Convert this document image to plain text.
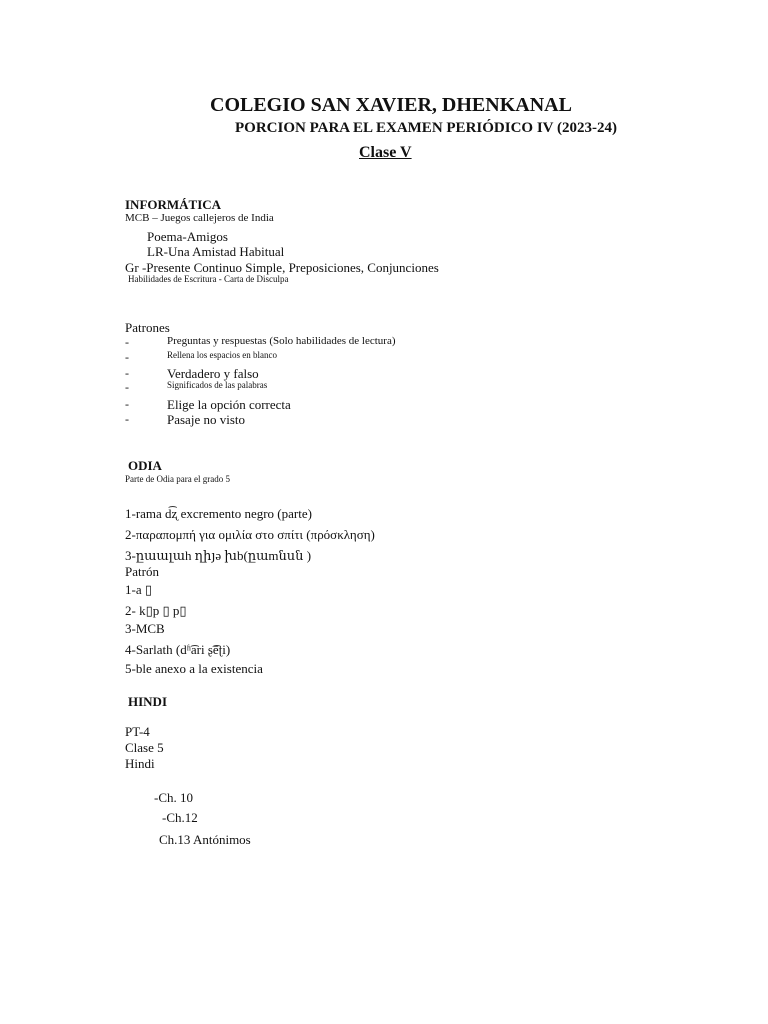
COLEGIO SAN XAVIER, DHENKANAL
PORCION PARA EL EXAMEN PERIÓDICO IV (2023-24)
Clase V
INFORMÁTICA
MCB – Juegos callejeros de India
Poema-Amigos
LR-Una Amistad Habitual
Gr -Presente Continuo Simple, Preposiciones, Conjunciones
Habilidades de Escritura - Carta de Disculpa
Patrones
-	Preguntas y respuestas (Solo habilidades de lectura)
-	Rellena los espacios en blanco
-	Verdadero y falso
-	Significados de las palabras
-	Elige la opción correcta
-	Pasaje no visto
ODIA
Parte de Odia para el grado 5
1-rama d͡ʐ excremento negro (parte)
2-παραπομπή για ομιλία στο σπίτι (πρόσκληση)
3-ըաալաh ղիյə խb(ըաmնսն )
Patrón
1-a ▯
2- k▯p ▯ p▯
3-MCB
4-Sarlath (dʱ͡ari ʂ͡ēʈi)
5-ble anexo a la existencia
HINDI
PT-4
Clase 5
Hindi
-Ch. 10
-Ch.12
Ch.13 Antónimos
